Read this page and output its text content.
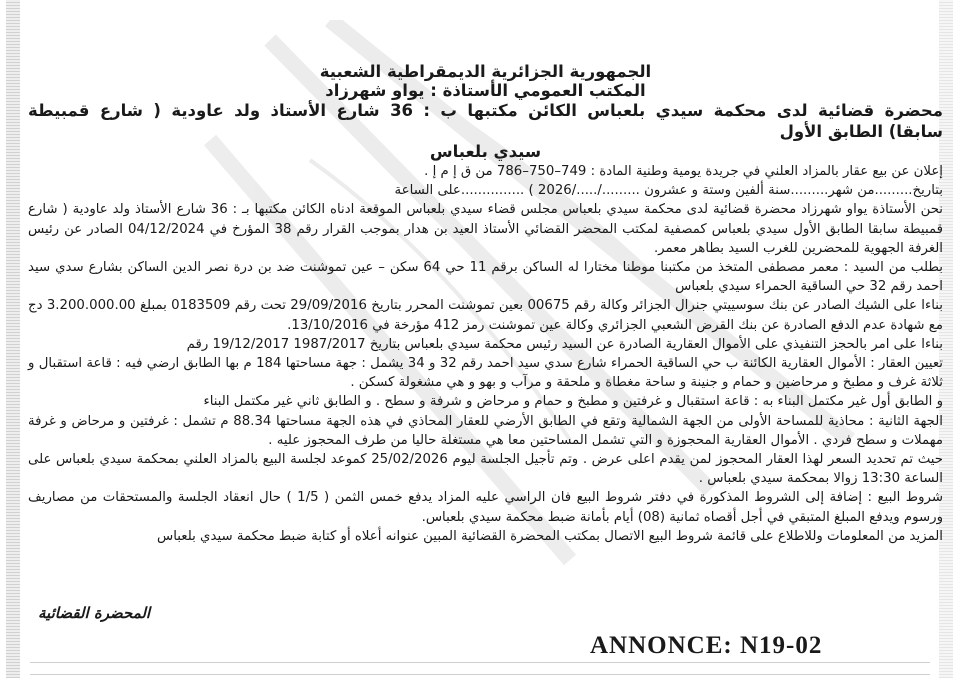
الجمهورية الجزائرية الديمقراطية الشعبية
المكتب العمومي الأستاذة : يواو شهرزاد
محضرة قضائية لدى محكمة سيدي بلعباس الكائن مكتبها ب : 36 شارع الأستاذ ولد عاودية ( شارع قمبيطة
سابقا) الطابق الأول
سيدي بلعباس

إعلان عن بيع عقار بالمزاد العلني في جريدة يومية وطنية المادة : 749–750–786 من ق إ م إ .

بتاريخ.........من شهر.........سنة ألفين وستة و عشرون ........./...../2026 ) ...............على الساعة

نحن الأستاذة يواو شهرزاد محضرة قضائية لدى محكمة سيدي بلعباس مجلس قضاء سيدي بلعباس الموقعة ادناه الكائن مكتبها بـ : 36 شارع الأستاذ ولد عاودية ( شارع قمبيطة سابقا الطابق الأول سيدي بلعباس كمصفية لمكتب المحضر القضائي الأستاذ العيد بن هدار بموجب القرار رقم 38 المؤرخ في 04/12/2024 الصادر عن رئيس الغرفة الجهوية للمحضرين للغرب السيد بطاهر معمر.

بطلب من السيد : معمر مصطفى المتخذ من مكتبنا موطنا مختارا له الساكن برقم 11 حي 64 سكن – عين تموشنت ضد بن درة نصر الدين الساكن بشارع سدي سيد احمد رقم 32 حي الساقية الحمراء سيدي بلعباس

بناءا على الشيك الصادر عن بنك سوسييتي جنرال الجزائر وكالة رقم 00675 بعين تموشنت المحرر بتاريخ 29/09/2016 تحت رقم 0183509 بمبلغ 3.200.000.00 دج مع شهادة عدم الدفع الصادرة عن بنك القرض الشعبي الجزائري وكالة عين تموشنت رمز 412 مؤرخة في 13/10/2016.

بناءا على امر بالحجز التنفيذي على الأموال العقارية الصادرة عن السيد رئيس محكمة سيدي بلعباس بتاريخ 1987/2017 19/12/2017 رقم

تعيين العقار : الأموال العقارية الكائنة ب حي الساقية الحمراء شارع سدي سيد احمد رقم 32 و 34 يشمل : جهة مساحتها 184 م بها الطابق ارضي فيه : قاعة استقبال و ثلاثة غرف و مطبخ و مرحاضين و حمام و جنينة و ساحة مغطاة و ملحقة و مرآب و بهو و هي مشغولة كسكن .

و الطابق أول غير مكتمل البناء به : قاعة استقبال و غرفتين و مطبخ و حمام و مرحاض و شرفة و سطح . و الطابق ثاني غير مكتمل البناء

الجهة الثانية : محاذية للمساحة الأولى من الجهة الشمالية وتقع في الطابق الأرضي للعقار المحاذي في هذه الجهة مساحتها 88.34 م تشمل : غرفتين و مرحاض و غرفة مهملات و سطح فردي . الأموال العقارية المحجوزة و التي تشمل المساحتين معا هي مستغلة حاليا من طرف المحجوز عليه .

حيث تم تحديد السعر لهذا العقار المحجوز لمن يقدم اعلى عرض . وتم تأجيل الجلسة ليوم 25/02/2026 كموعد لجلسة البيع بالمزاد العلني بمحكمة سيدي بلعباس على الساعة 13:30 زوالا بمحكمة سيدي بلعباس .

شروط البيع : إضافة إلى الشروط المذكورة في دفتر شروط البيع فان الراسي عليه المزاد يدفع خمس الثمن ( 1/5 ) حال انعقاد الجلسة والمستحقات من مصاريف ورسوم ويدفع المبلغ المتبقي في أجل أقصاه ثمانية (08) أيام بأمانة ضبط محكمة سيدي بلعباس.

المزيد من المعلومات وللاطلاع على قائمة شروط البيع الاتصال بمكتب المحضرة القضائية المبين عنوانه أعلاه أو كتابة ضبط محكمة سيدي بلعباس

المحضرة القضائية
ANNONCE: N19-02
